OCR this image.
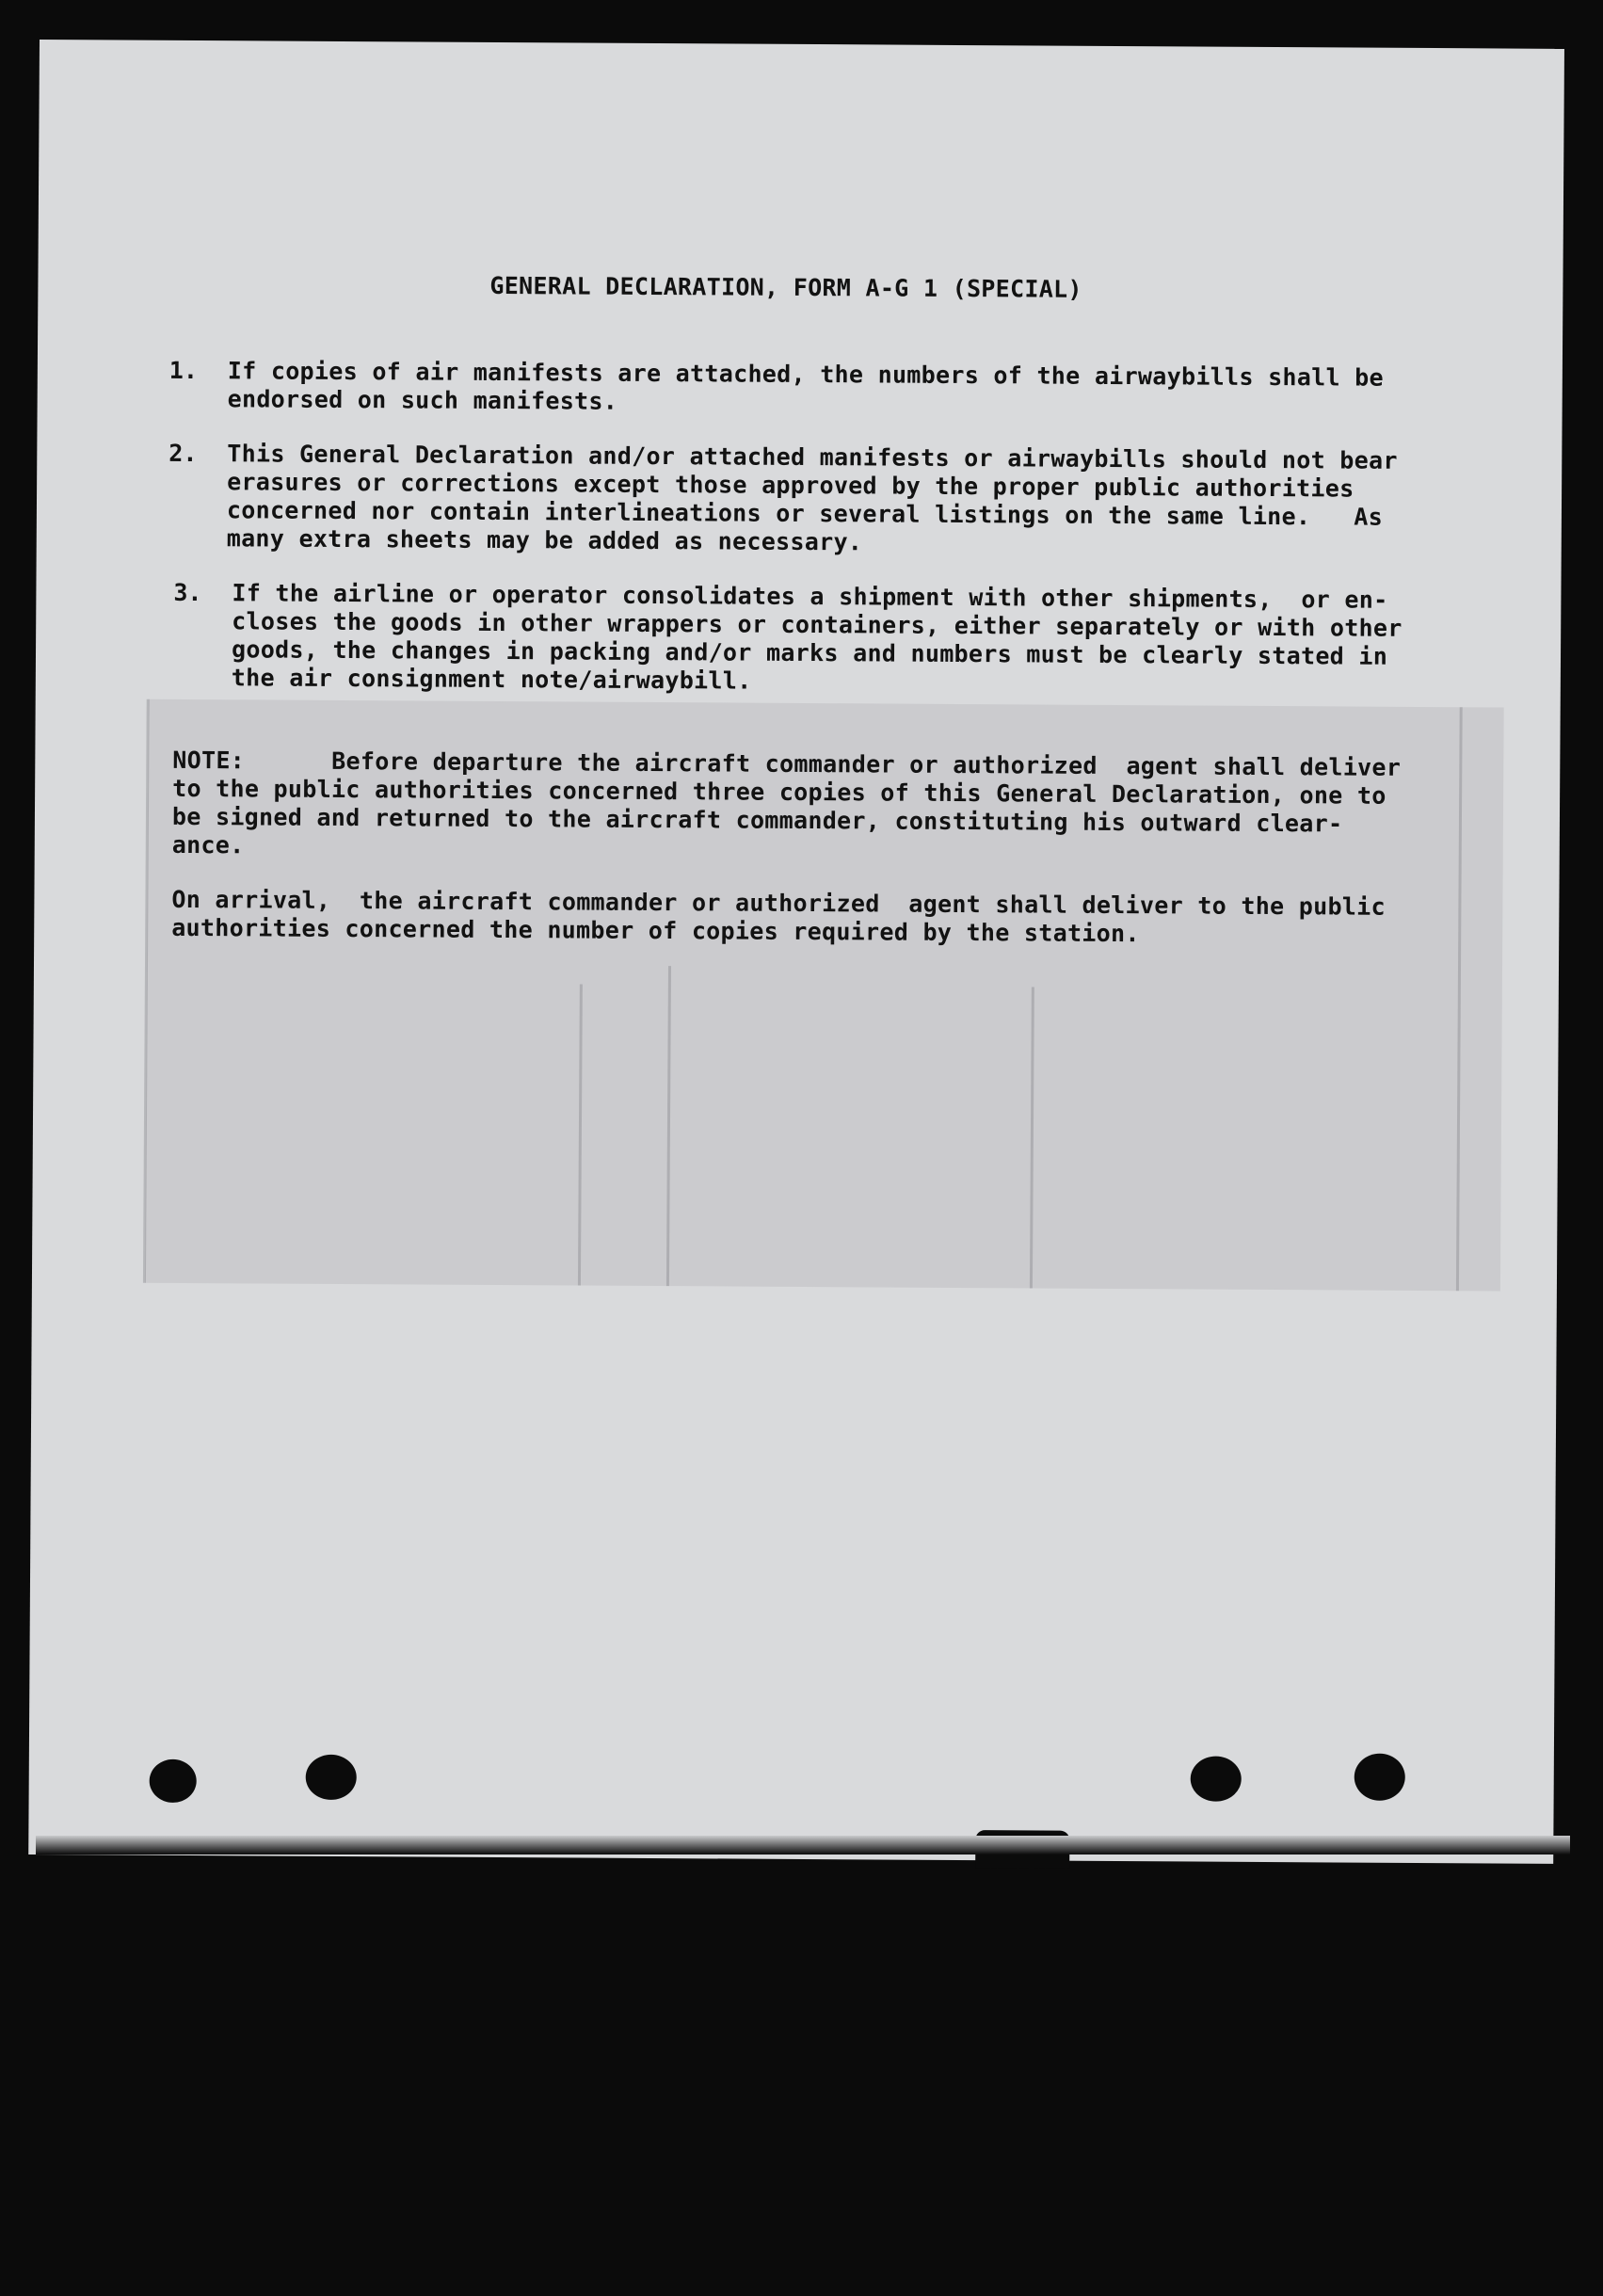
GENERAL DECLARATION, FORM A-G 1 (SPECIAL)
1. If copies of air manifests are attached, the numbers of the airwaybills shall be
endorsed on such manifests.
2. This General Declaration and/or attached manifests or airwaybills should not bear
erasures or corrections except those approved by the proper public authorities
concerned nor contain interlineations or several listings on the same line.   As
many extra sheets may be added as necessary.
3. If the airline or operator consolidates a shipment with other shipments,  or en-
closes the goods in other wrappers or containers, either separately or with other
goods, the changes in packing and/or marks and numbers must be clearly stated in
the air consignment note/airwaybill.
NOTE:      Before departure the aircraft commander or authorized  agent shall deliver
to the public authorities concerned three copies of this General Declaration, one to
be signed and returned to the aircraft commander, constituting his outward clear-
ance.
On arrival,  the aircraft commander or authorized  agent shall deliver to the public
authorities concerned the number of copies required by the station.
